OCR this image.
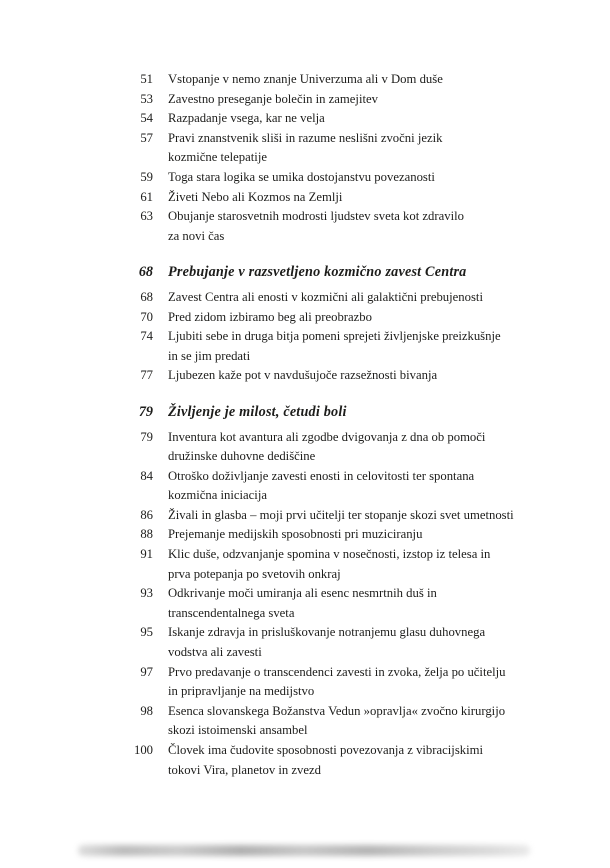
51 Vstopanje v nemo znanje Univerzuma ali v Dom duše
53 Zavestno preseganje bolečin in zamejitev
54 Razpadanje vsega, kar ne velja
57 Pravi znanstvenik sliši in razume neslišni zvočni jezik
kozmične telepatije
59 Toga stara logika se umika dostojanstvu povezanosti
61 Živeti Nebo ali Kozmos na Zemlji
63 Obujanje starosvetnih modrosti ljudstev sveta kot zdravilo
za novi čas
68 Prebujanje v razsvetljeno kozmično zavest Centra
68 Zavest Centra ali enosti v kozmični ali galaktični prebujenosti
70 Pred zidom izbiramo beg ali preobrazbo
74 Ljubiti sebe in druga bitja pomeni sprejeti življenjske preizkušnje
in se jim predati
77 Ljubezen kaže pot v navdušujoče razsežnosti bivanja
79 Življenje je milost, četudi boli
79 Inventura kot avantura ali zgodbe dvigovanja z dna ob pomoči
družinske duhovne dediščine
84 Otroško doživljanje zavesti enosti in celovitosti ter spontana
kozmična iniciacija
86 Živali in glasba – moji prvi učitelji ter stopanje skozi svet umetnosti
88 Prejemanje medijskih sposobnosti pri muziciranju
91 Klic duše, odzvanjanje spomina v nosečnosti, izstop iz telesa in
prva potepanja po svetovih onkraj
93 Odkrivanje moči umiranja ali esenc nesmrtnih duš in
transcendentalnega sveta
95 Iskanje zdravja in prisluškovanje notranjemu glasu duhovnega
vodstva ali zavesti
97 Prvo predavanje o transcendenci zavesti in zvoka, želja po učitelju
in pripravljanje na medijstvo
98 Esenca slovanskega Božanstva Vedun »opravlja« zvočno kirurgijo
skozi istoimenski ansambel
100 Človek ima čudovite sposobnosti povezovanja z vibracijskimi
tokovi Vira, planetov in zvezd
